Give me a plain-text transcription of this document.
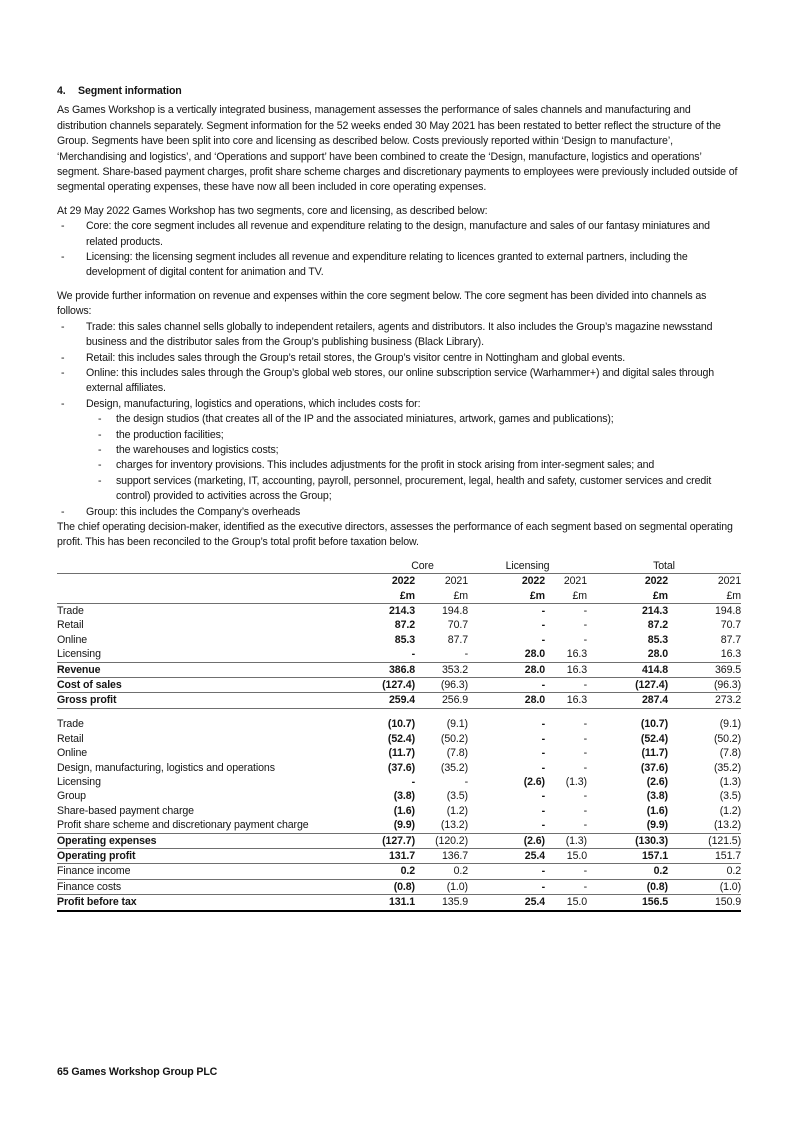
4.	Segment information

As Games Workshop is a vertically integrated business, management assesses the performance of sales channels and manufacturing and distribution channels separately. Segment information for the 52 weeks ended 30 May 2021 has been restated to better reflect the structure of the Group. Segments have been split into core and licensing as described below. Costs previously reported within ‘Design to manufacture’, ‘Merchandising and logistics’, and ‘Operations and support’ have been combined to create the ‘Design, manufacture, logistics and operations’ segment. Share-based payment charges, profit share scheme charges and discretionary payments to employees were previously included outside of segmental operating expenses, these have now all been included in core operating expenses.

At 29 May 2022 Games Workshop has two segments, core and licensing, as described below:

-	Core: the core segment includes all revenue and expenditure relating to the design, manufacture and sales of our fantasy miniatures and related products.
-	Licensing: the licensing segment includes all revenue and expenditure relating to licences granted to external partners, including the development of digital content for animation and TV.

We provide further information on revenue and expenses within the core segment below. The core segment has been divided into channels as follows:

-	Trade: this sales channel sells globally to independent retailers, agents and distributors. It also includes the Group’s magazine newsstand business and the distributor sales from the Group’s publishing business (Black Library).
-	Retail: this includes sales through the Group’s retail stores, the Group’s visitor centre in Nottingham and global events.
-	Online: this includes sales through the Group’s global web stores, our online subscription service (Warhammer+) and digital sales through external affiliates.
-	Design, manufacturing, logistics and operations, which includes costs for:
-	the design studios (that creates all of the IP and the associated miniatures, artwork, games and publications);
-	the production facilities;
-	the warehouses and logistics costs;
-	charges for inventory provisions. This includes adjustments for the profit in stock arising from inter-segment sales; and
-	support services (marketing, IT, accounting, payroll, personnel, procurement, legal, health and safety, customer services and credit control) provided to activities across the Group;
-	Group: this includes the Company’s overheads

The chief operating decision-maker, identified as the executive directors, assesses the performance of each segment based on segmental operating profit. This has been reconciled to the Group’s total profit before taxation below.

	Core		Licensing		Total	
	2022	2021	2022	2021	2022	2021
	£m	£m	£m	£m	£m	£m
Trade	214.3	194.8	-	-	214.3	194.8
Retail	87.2	70.7	-	-	87.2	70.7
Online	85.3	87.7	-	-	85.3	87.7
Licensing	-	-	28.0	16.3	28.0	16.3
Revenue	386.8	353.2	28.0	16.3	414.8	369.5
Cost of sales	(127.4)	(96.3)	-	-	(127.4)	(96.3)
Gross profit	259.4	256.9	28.0	16.3	287.4	273.2

Trade	(10.7)	(9.1)	-	-	(10.7)	(9.1)
Retail	(52.4)	(50.2)	-	-	(52.4)	(50.2)
Online	(11.7)	(7.8)	-	-	(11.7)	(7.8)
Design, manufacturing, logistics and operations	(37.6)	(35.2)	-	-	(37.6)	(35.2)
Licensing	-	-	(2.6)	(1.3)	(2.6)	(1.3)
Group	(3.8)	(3.5)	-	-	(3.8)	(3.5)
Share-based payment charge	(1.6)	(1.2)	-	-	(1.6)	(1.2)
Profit share scheme and discretionary payment charge	(9.9)	(13.2)	-	-	(9.9)	(13.2)
Operating expenses	(127.7)	(120.2)	(2.6)	(1.3)	(130.3)	(121.5)
Operating profit	131.7	136.7	25.4	15.0	157.1	151.7
Finance income	0.2	0.2	-	-	0.2	0.2
Finance costs	(0.8)	(1.0)	-	-	(0.8)	(1.0)
Profit before tax	131.1	135.9	25.4	15.0	156.5	150.9
65 Games Workshop Group PLC
